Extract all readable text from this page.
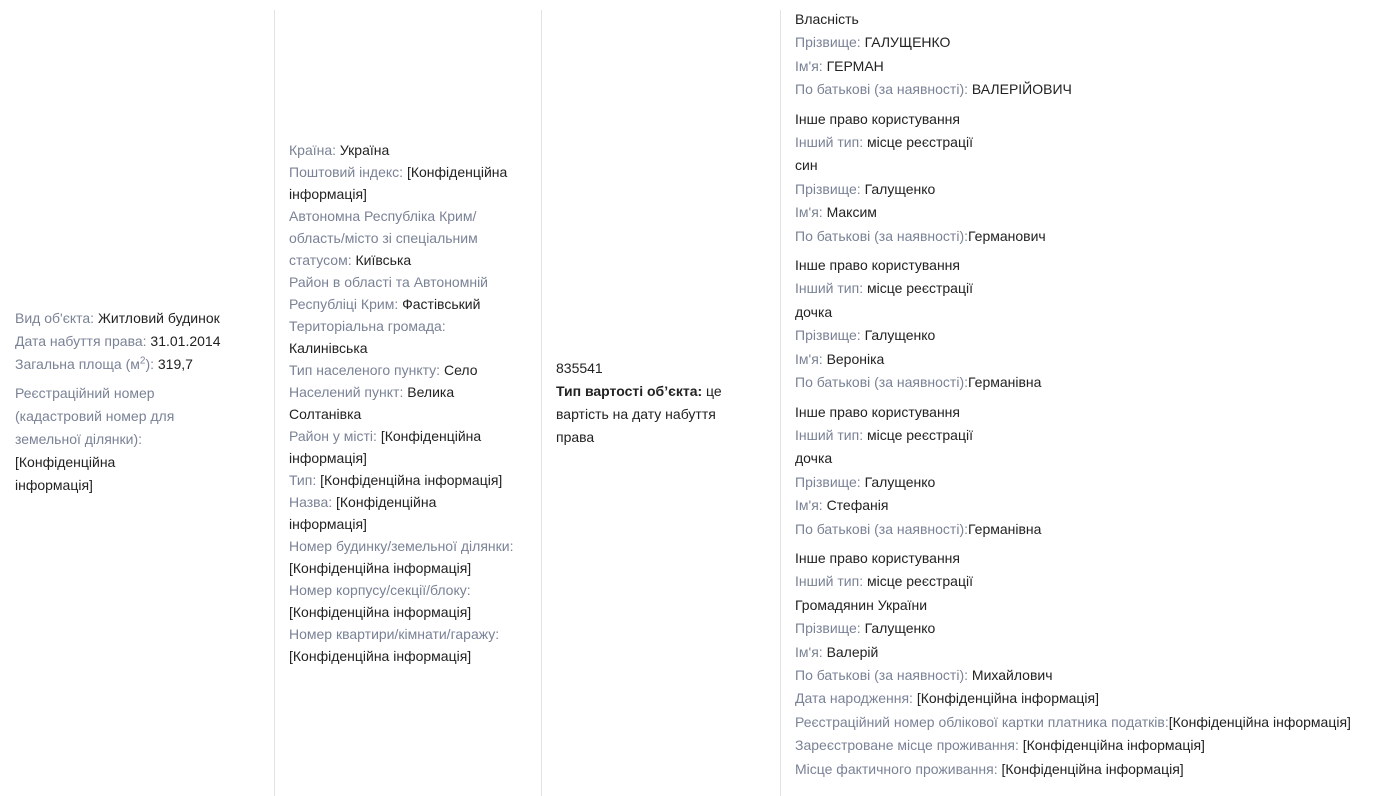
Вид об'єкта: Житловий будинок
Дата набуття права: 31.01.2014
Загальна площа $(м^2)$: 319,7
Реєстраційний номер (кадастровий номер для земельної ділянки): [Конфіденційна інформація]
Країна: Україна
Поштовий індекс: [Конфіденційна інформація]
Автономна Республіка Крим/ область/місто зі спеціальним статусом: Київська
Район в області та Автономній Республіці Крим: Фастівський
Територіальна громада: Калинівська
Тип населеного пункту: Село
Населений пункт: Велика Солтанівка
Район у місті: [Конфіденційна інформація]
Тип: [Конфіденційна інформація]
Назва: [Конфіденційна інформація]
Номер будинку/земельної ділянки: [Конфіденційна інформація]
Номер корпусу/секції/блоку: [Конфіденційна інформація]
Номер квартири/кімнати/гаражу: [Конфіденційна інформація]
835541
Тип вартості об’єкта: це вартість на дату набуття права
Власність
Прізвище: ГАЛУЩЕНКО
Ім'я: ГЕРМАН
По батькові (за наявності): ВАЛЕРІЙОВИЧ
Інше право користування
Інший тип: місце реєстрації
син
Прізвище: Галущенко
Ім'я: Максим
По батькові (за наявності):Германович
Інше право користування
Інший тип: місце реєстрації
дочка
Прізвище: Галущенко
Ім'я: Вероніка
По батькові (за наявності):Германівна
Інше право користування
Інший тип: місце реєстрації
дочка
Прізвище: Галущенко
Ім'я: Стефанія
По батькові (за наявності):Германівна
Інше право користування
Інший тип: місце реєстрації
Громадянин України
Прізвище: Галущенко
Ім'я: Валерій
По батькові (за наявності): Михайлович
Дата народження: [Конфіденційна інформація]
Реєстраційний номер облікової картки платника податків:[Конфіденційна інформація]
Зареєстроване місце проживання: [Конфіденційна інформація]
Місце фактичного проживання: [Конфіденційна інформація]
